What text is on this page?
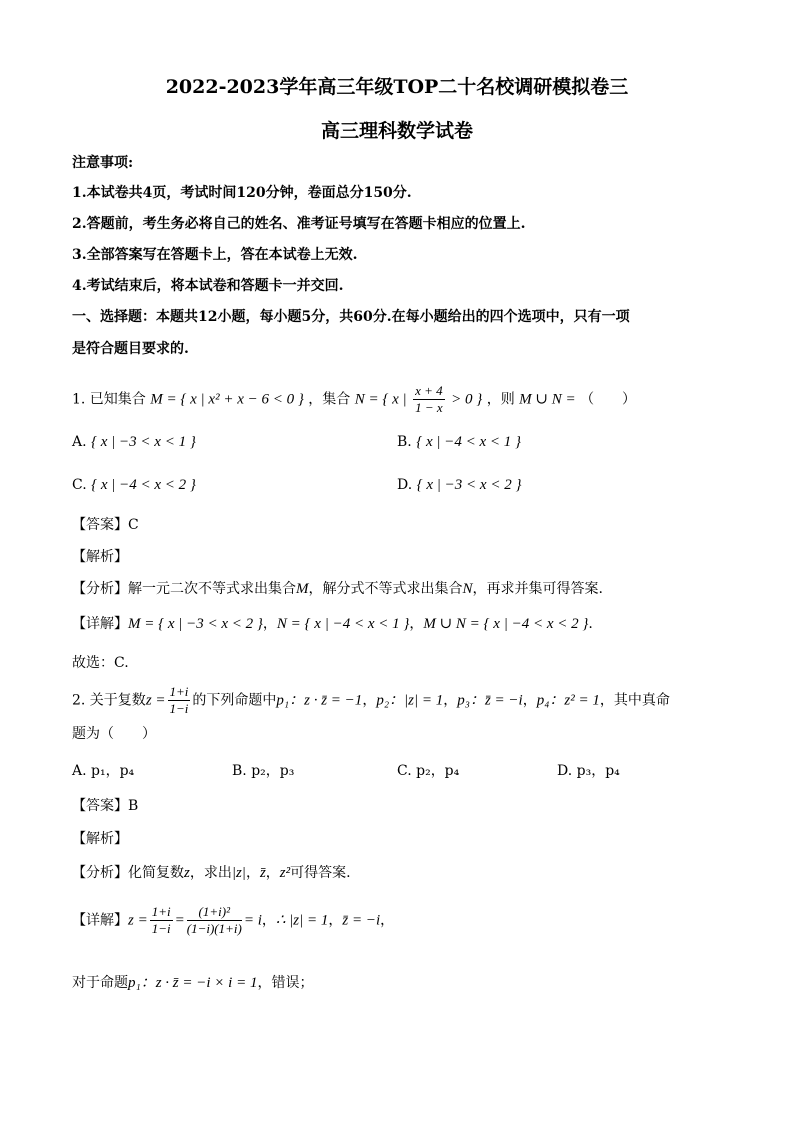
2022-2023学年高三年级TOP二十名校调研模拟卷三
高三理科数学试卷
注意事项:
1.本试卷共4页，考试时间120分钟，卷面总分150分.
2.答题前，考生务必将自己的姓名、准考证号填写在答题卡相应的位置上.
3.全部答案写在答题卡上，答在本试卷上无效.
4.考试结束后，将本试卷和答题卡一并交回.
一、选择题：本题共12小题，每小题5分，共60分.在每小题给出的四个选项中，只有一项
是符合题目要求的.
1. 已知集合 M = { x | x² + x − 6 < 0 } ，集合 N = { x | $\frac{x + 4}{1 - x} > 0$ } ，则 M ∪ N = （　　）
A. { x | −3 < x < 1 }	B. { x | −4 < x < 1 }
C. { x | −4 < x < 2 }	D. { x | −3 < x < 2 }
【答案】C
【解析】
【分析】解一元二次不等式求出集合M，解分式不等式求出集合N，再求并集可得答案.
【详解】M = { x | −3 < x < 2 }，N = { x | −4 < x < 1 }，M ∪ N = { x | −4 < x < 2 }.
故选：C.
2. 关于复数$z = \frac{1+i}{1-i}$ 的下列命题中p₁：z · z̄ = −1，p₂：|z| = 1，p₃：z̄ = −i，p₄：z² = 1，其中真命
题为（　　）
A. p₁，p₄	B. p₂，p₃	C. p₂，p₄	D. p₃，p₄
【答案】B
【解析】
【分析】化简复数z，求出|z|，z̄，z²可得答案.
【详解】$z = \frac{1+i}{1-i} = \frac{\text{(1+i)²}}{(1-i)(1+i)} = i$，∴ |z| = 1，z̄ = −i，
对于命题p₁：z · z̄ = −i × i = 1，错误；
